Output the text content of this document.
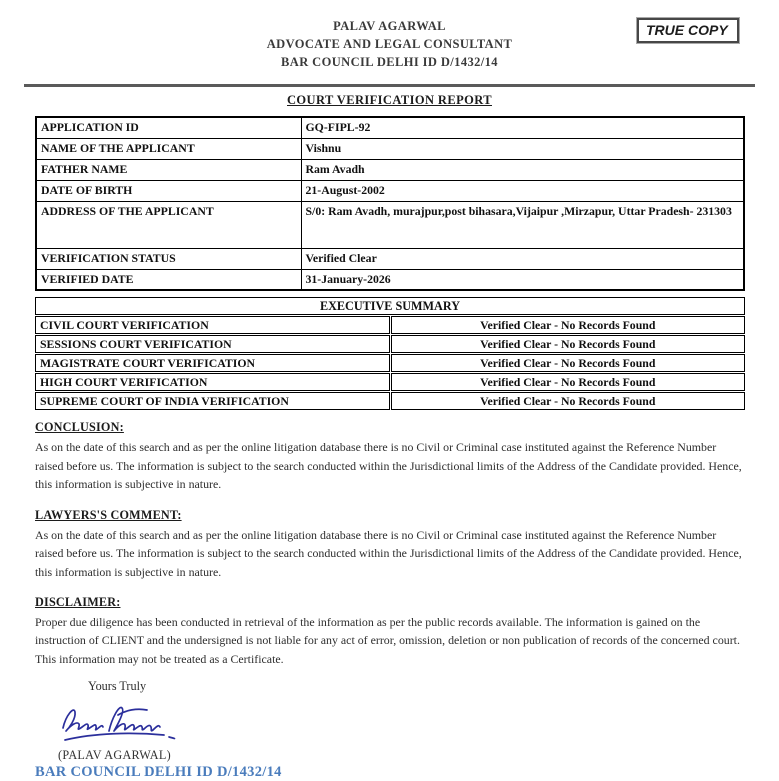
PALAV AGARWAL
ADVOCATE AND LEGAL CONSULTANT
BAR COUNCIL DELHI ID D/1432/14
TRUE COPY
COURT VERIFICATION REPORT
APPLICATION ID	GQ-FIPL-92
NAME OF THE APPLICANT	Vishnu
FATHER NAME	Ram Avadh
DATE OF BIRTH	21-August-2002
ADDRESS OF THE APPLICANT	S/0: Ram Avadh, murajpur,post bihasara,Vijaipur ,Mirzapur, Uttar Pradesh- 231303
VERIFICATION STATUS	Verified Clear
VERIFIED DATE	31-January-2026
EXECUTIVE SUMMARY	
CIVIL COURT VERIFICATION	Verified Clear - No Records Found
SESSIONS COURT VERIFICATION	Verified Clear - No Records Found
MAGISTRATE COURT VERIFICATION	Verified Clear - No Records Found
HIGH COURT VERIFICATION	Verified Clear - No Records Found
SUPREME COURT OF INDIA VERIFICATION	Verified Clear - No Records Found
CONCLUSION:

As on the date of this search and as per the online litigation database there is no Civil or Criminal case instituted against the Reference Number raised before us. The information is subject to the search conducted within the Jurisdictional limits of the Address of the Candidate provided. Hence, this information is subjective in nature.

LAWYERS'S COMMENT:

As on the date of this search and as per the online litigation database there is no Civil or Criminal case instituted against the Reference Number raised before us. The information is subject to the search conducted within the Jurisdictional limits of the Address of the Candidate provided. Hence, this information is subjective in nature.

DISCLAIMER:

Proper due diligence has been conducted in retrieval of the information as per the public records available. The information is gained on the instruction of CLIENT and the undersigned is not liable for any act of error, omission, deletion or non publication of records of the concerned court. This information may not be treated as a Certificate.

Yours Truly
(PALAV AGARWAL)
BAR COUNCIL DELHI ID D/1432/14
